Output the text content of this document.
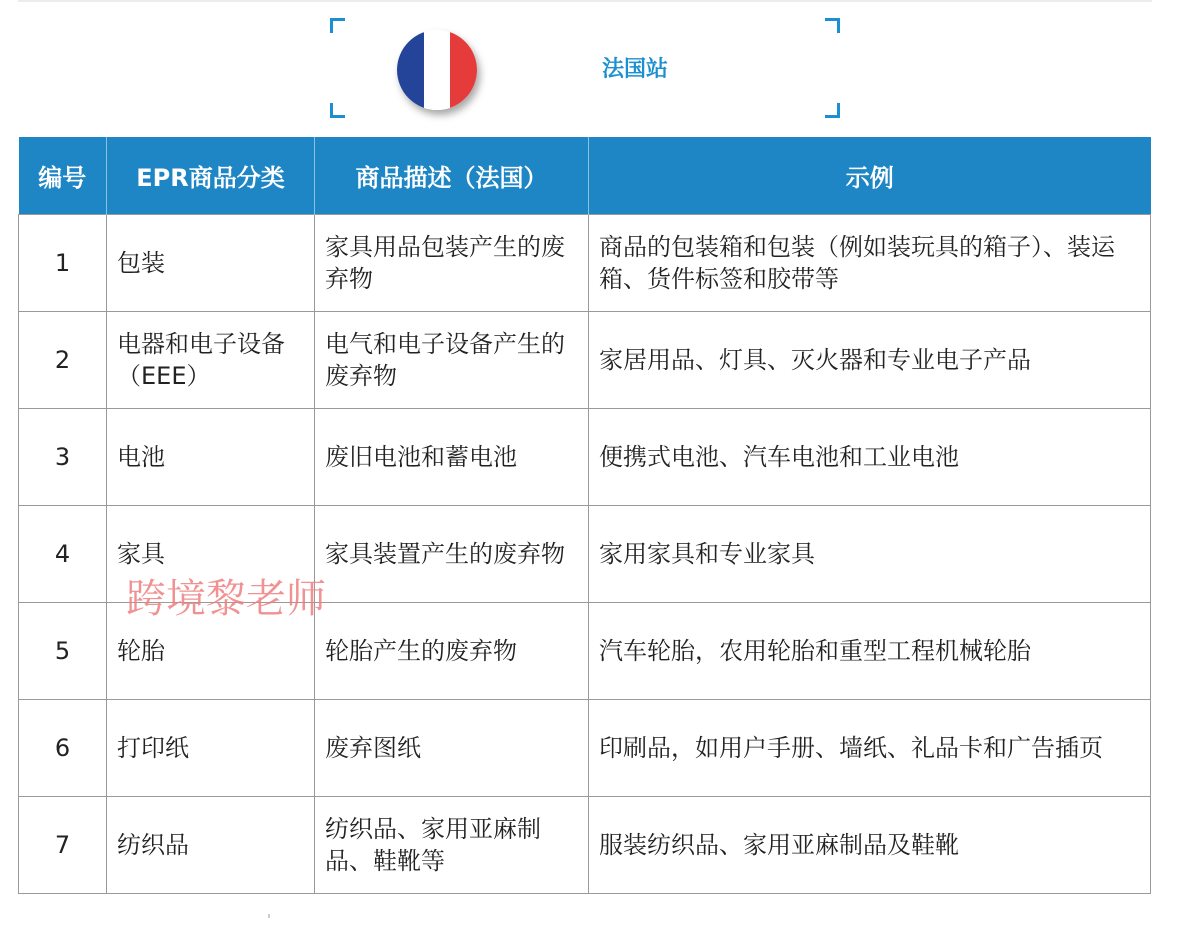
法国站
编号	EPR商品分类	商品描述（法国）	示例
1	包装	家具用品包装产生的废弃物	商品的包装箱和包装（例如装玩具的箱子）、装运箱、货件标签和胶带等
2	电器和电子设备（EEE）	电气和电子设备产生的废弃物	家居用品、灯具、灭火器和专业电子产品
3	电池	废旧电池和蓄电池	便携式电池、汽车电池和工业电池
4	家具	家具装置产生的废弃物	家用家具和专业家具
5	轮胎	轮胎产生的废弃物	汽车轮胎，农用轮胎和重型工程机械轮胎
6	打印纸	废弃图纸	印刷品，如用户手册、墙纸、礼品卡和广告插页
7	纺织品	纺织品、家用亚麻制品、鞋靴等	服装纺织品、家用亚麻制品及鞋靴
跨境黎老师
